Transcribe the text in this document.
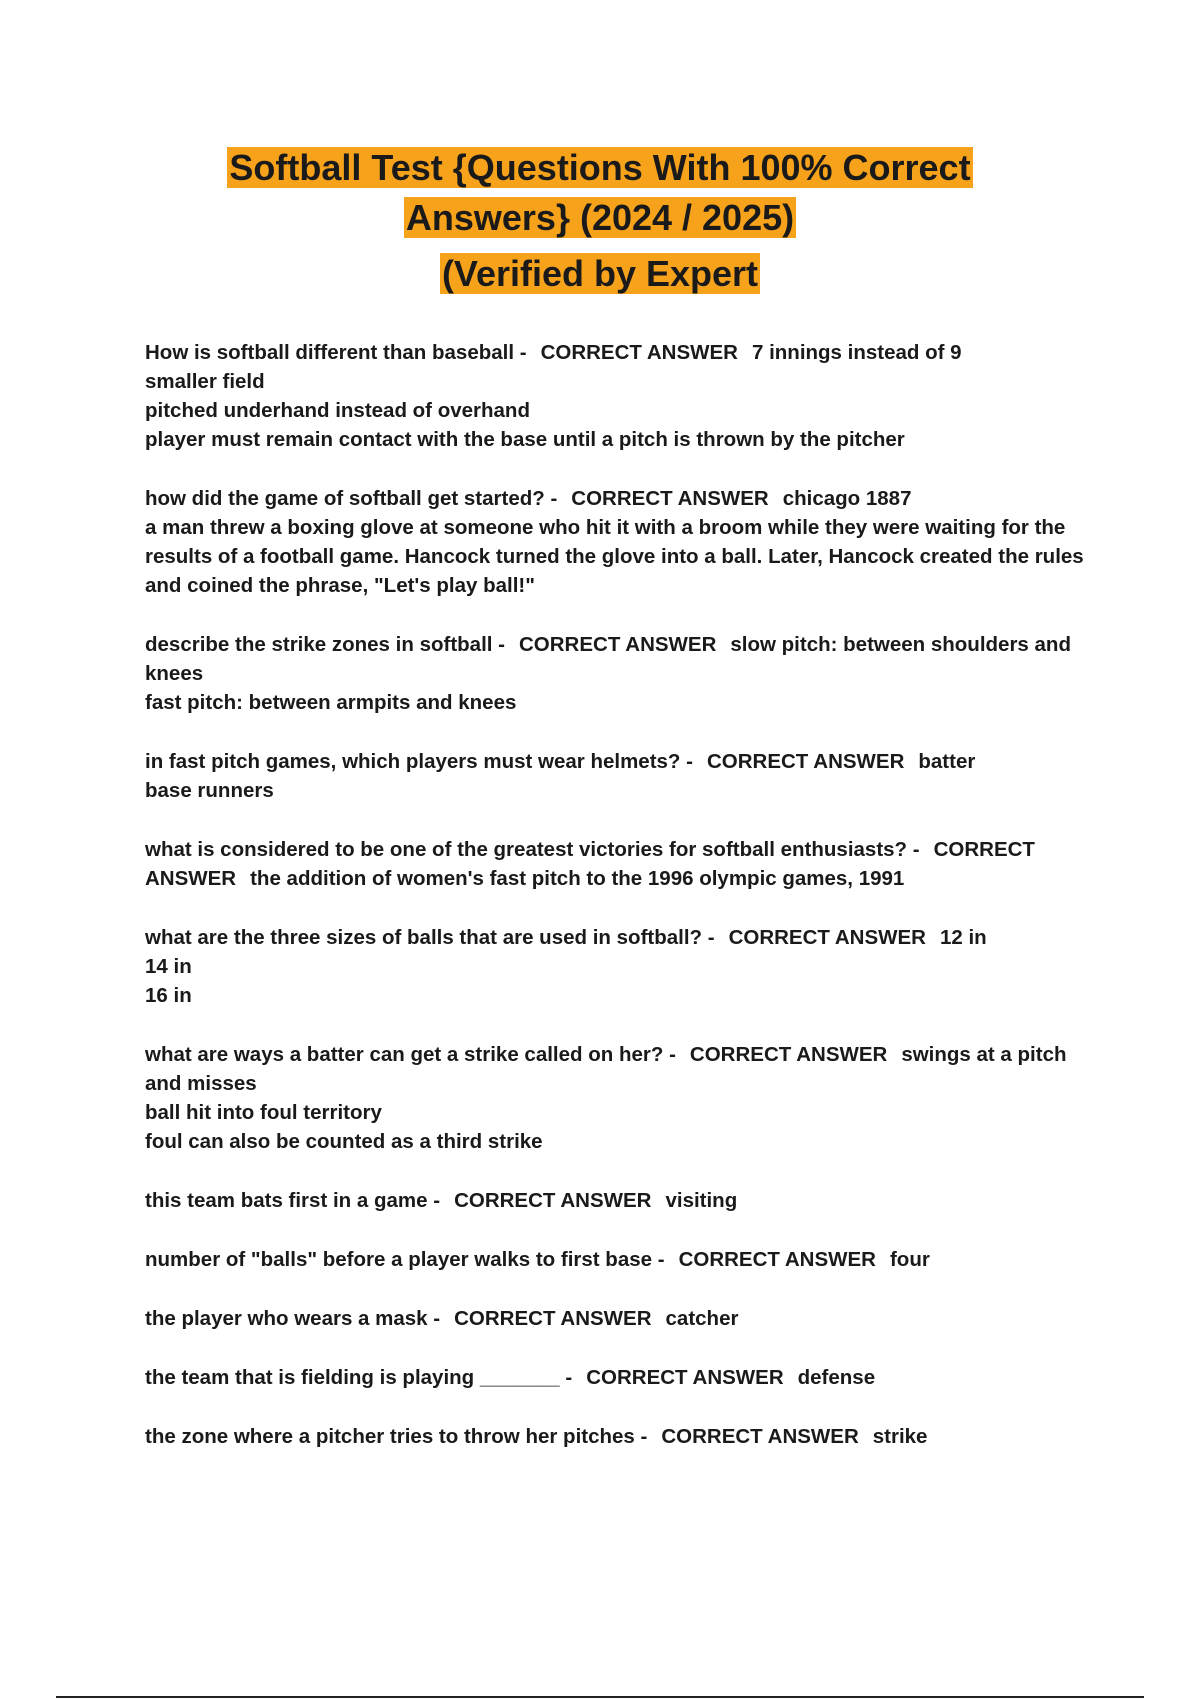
Softball Test {Questions With 100% Correct
Answers} (2024 / 2025)
(Verified by Expert

How is softball different than baseball - CORRECT ANSWER 7 innings instead of 9
smaller field
pitched underhand instead of overhand
player must remain contact with the base until a pitch is thrown by the pitcher

how did the game of softball get started? - CORRECT ANSWER chicago 1887
a man threw a boxing glove at someone who hit it with a broom while they were waiting for the results of a football game. Hancock turned the glove into a ball. Later, Hancock created the rules and coined the phrase, "Let's play ball!"

describe the strike zones in softball - CORRECT ANSWER slow pitch: between shoulders and knees
fast pitch: between armpits and knees

in fast pitch games, which players must wear helmets? - CORRECT ANSWER batter
base runners

what is considered to be one of the greatest victories for softball enthusiasts? - CORRECT ANSWER the addition of women's fast pitch to the 1996 olympic games, 1991

what are the three sizes of balls that are used in softball? - CORRECT ANSWER 12 in
14 in
16 in

what are ways a batter can get a strike called on her? - CORRECT ANSWER swings at a pitch and misses
ball hit into foul territory
foul can also be counted as a third strike

this team bats first in a game - CORRECT ANSWER visiting

number of "balls" before a player walks to first base - CORRECT ANSWER four

the player who wears a mask - CORRECT ANSWER catcher

the team that is fielding is playing _______ - CORRECT ANSWER defense

the zone where a pitcher tries to throw her pitches - CORRECT ANSWER strike
